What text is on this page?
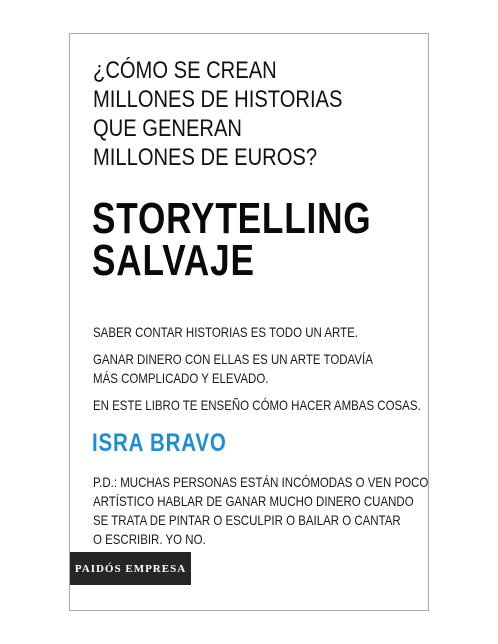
¿CÓMO SE CREAN
MILLONES DE HISTORIAS
QUE GENERAN
MILLONES DE EUROS?
STORYTELLING
SALVAJE

SABER CONTAR HISTORIAS ES TODO UN ARTE.

GANAR DINERO CON ELLAS ES UN ARTE TODAVÍA
MÁS COMPLICADO Y ELEVADO.

EN ESTE LIBRO TE ENSEÑO CÓMO HACER AMBAS COSAS.

ISRA BRAVO

P.D.: MUCHAS PERSONAS ESTÁN INCÓMODAS O VEN POCO
ARTÍSTICO HABLAR DE GANAR MUCHO DINERO CUANDO
SE TRATA DE PINTAR O ESCULPIR O BAILAR O CANTAR
O ESCRIBIR. YO NO.

PAIDÓS EMPRESA
